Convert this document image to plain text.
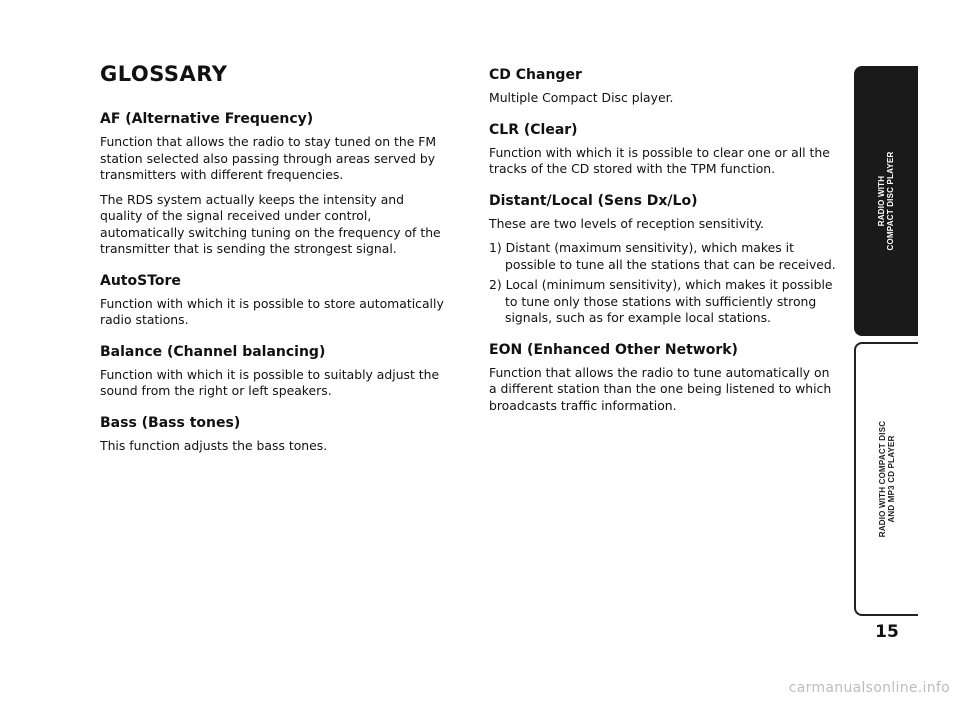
GLOSSARY
AF (Alternative Frequency)

Function that allows the radio to stay tuned on the FM station selected also passing through areas served by transmitters with different frequencies.

The RDS system actually keeps the intensity and quality of the signal received under control, automatically switching tuning on the frequency of the transmitter that is sending the strongest signal.

AutoSTore

Function with which it is possible to store automatically radio stations.

Balance (Channel balancing)

Function with which it is possible to suitably adjust the sound from the right or left speakers.

Bass (Bass tones)

This function adjusts the bass tones.

CD Changer

Multiple Compact Disc player.

CLR (Clear)

Function with which it is possible to clear one or all the tracks of the CD stored with the TPM function.

Distant/Local (Sens Dx/Lo)

These are two levels of reception sensitivity.

1) Distant (maximum sensitivity), which makes it possible to tune all the stations that can be received.
2) Local (minimum sensitivity), which makes it possible to tune only those stations with sufficiently strong signals, such as for example local stations.
EON (Enhanced Other Network)

Function that allows the radio to tune automatically on a different station than the one being listened to which broadcasts traffic information.

RADIO WITH COMPACT DISC PLAYER
RADIO WITH COMPACT DISC AND MP3 CD PLAYER

15

carmanualsonline.info
